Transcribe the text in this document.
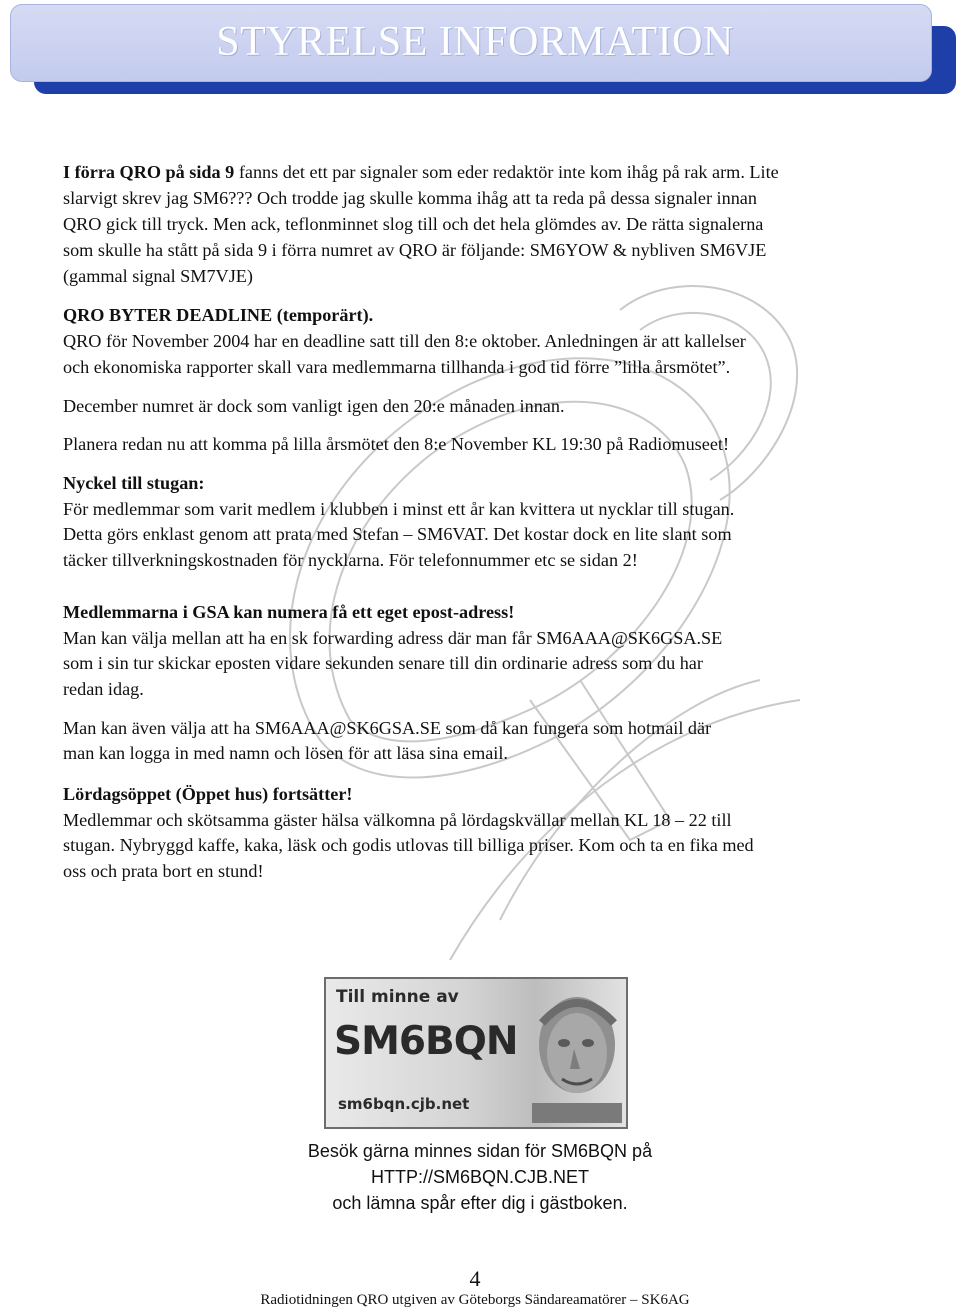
STYRELSE INFORMATION
I förra QRO på sida 9 fanns det ett par signaler som eder redaktör inte kom ihåg på rak arm. Lite
slarvigt skrev jag SM6??? Och trodde jag skulle komma ihåg att ta reda på dessa signaler innan
QRO gick till tryck. Men ack, teflonminnet slog till och det hela glömdes av. De rätta signalerna
som skulle ha stått på sida 9 i förra numret av QRO är följande: SM6YOW & nybliven SM6VJE
(gammal signal SM7VJE)
QRO BYTER DEADLINE (temporärt).
QRO för November 2004 har en deadline satt till den 8:e oktober. Anledningen är att kallelser
och ekonomiska rapporter skall vara medlemmarna tillhanda i god tid förre ”lilla årsmötet”.
December numret är dock som vanligt igen den 20:e månaden innan.
Planera redan nu att komma på lilla årsmötet den 8:e November KL 19:30 på Radiomuseet!
Nyckel till stugan:
För medlemmar som varit medlem i klubben i minst ett år kan kvittera ut nycklar till stugan.
Detta görs enklast genom att prata med Stefan – SM6VAT. Det kostar dock en lite slant som
täcker tillverkningskostnaden för nycklarna. För telefonnummer etc se sidan 2!
Medlemmarna i GSA kan numera få ett eget epost-adress!
Man kan välja mellan att ha en sk forwarding adress där man får SM6AAA@SK6GSA.SE
som i sin tur skickar eposten vidare sekunden senare till din ordinarie adress som du har
redan idag.
Man kan även välja att ha SM6AAA@SK6GSA.SE som då kan fungera som hotmail där
man kan logga in med namn och lösen för att läsa sina email.
Lördagsöppet (Öppet hus) fortsätter!
Medlemmar och skötsamma gäster hälsa välkomna på lördagskvällar mellan KL 18 – 22 till
stugan. Nybryggd kaffe, kaka, läsk och godis utlovas till billiga priser. Kom och ta en fika med
oss och prata bort en stund!
Till minne av
SM6BQN
sm6bqn.cjb.net
Besök gärna minnes sidan för SM6BQN på
HTTP://SM6BQN.CJB.NET
och lämna spår efter dig i gästboken.
4
Radiotidningen QRO utgiven av Göteborgs Sändareamatörer – SK6AG
